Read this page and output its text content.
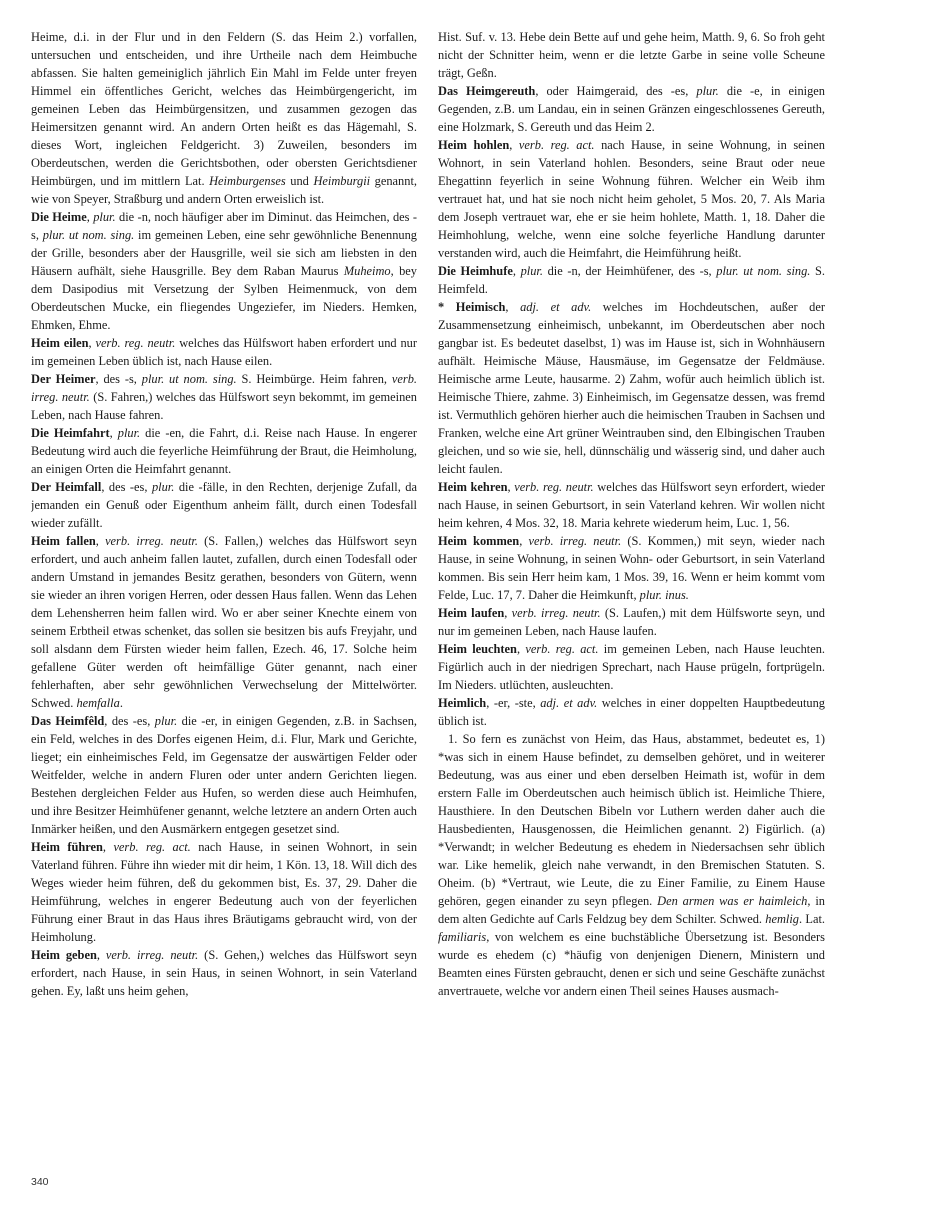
Heime, d.i. in der Flur und in den Feldern (S. das Heim 2.) vorfallen, untersuchen und entscheiden, und ihre Urtheile nach dem Heimbuche abfassen. Sie halten gemeiniglich jährlich Ein Mahl im Felde unter freyen Himmel ein öffentliches Gericht, welches das Heimbürgengericht, im gemeinen Leben das Heimbürgensitzen, und zusammen gezogen das Heimersitzen genannt wird. An andern Orten heißt es das Hägemahl, S. dieses Wort, ingleichen Feldgericht. 3) Zuweilen, besonders im Oberdeutschen, werden die Gerichtsbothen, oder obersten Gerichtsdiener Heimbürgen, und im mittlern Lat. Heimburgenses und Heimburgii genannt, wie von Speyer, Straßburg und andern Orten erweislich ist.

Die Heime, plur. die -n, noch häufiger aber im Diminut. das Heimchen, des -s, plur. ut nom. sing. im gemeinen Leben, eine sehr gewöhnliche Benennung der Grille, besonders aber der Hausgrille, weil sie sich am liebsten in den Häusern aufhält, siehe Hausgrille. Bey dem Raban Maurus Muheimo, bey dem Dasipodius mit Versetzung der Sylben Heimenmuck, von dem Oberdeutschen Mucke, ein fliegendes Ungeziefer, im Nieders. Hemken, Ehmken, Ehme.

Heim eilen, verb. reg. neutr. welches das Hülfswort haben erfordert und nur im gemeinen Leben üblich ist, nach Hause eilen.

Der Heimer, des -s, plur. ut nom. sing. S. Heimbürge. Heim fahren, verb. irreg. neutr. (S. Fahren,) welches das Hülfswort seyn bekommt, im gemeinen Leben, nach Hause fahren.

Die Heimfahrt, plur. die -en, die Fahrt, d.i. Reise nach Hause. In engerer Bedeutung wird auch die feyerliche Heimführung der Braut, die Heimholung, an einigen Orten die Heimfahrt genannt.

Der Heimfall, des -es, plur. die -fälle, in den Rechten, derjenige Zufall, da jemanden ein Genuß oder Eigenthum anheim fällt, durch einen Todesfall wieder zufällt.

Heim fallen, verb. irreg. neutr. (S. Fallen,) welches das Hülfswort seyn erfordert, und auch anheim fallen lautet, zufallen, durch einen Todesfall oder andern Umstand in jemandes Besitz gerathen, besonders von Gütern, wenn sie wieder an ihren vorigen Herren, oder dessen Haus fallen. Wenn das Lehen dem Lehensherren heim fallen wird. Wo er aber seiner Knechte einem von seinem Erbtheil etwas schenket, das sollen sie besitzen bis aufs Freyjahr, und soll alsdann dem Fürsten wieder heim fallen, Ezech. 46, 17. Solche heim gefallene Güter werden oft heimfällige Güter genannt, nach einer fehlerhaften, aber sehr gewöhnlichen Verwechselung der Mittelwörter. Schwed. hemfalla.

Das Heimfêld, des -es, plur. die -er, in einigen Gegenden, z.B. in Sachsen, ein Feld, welches in des Dorfes eigenen Heim, d.i. Flur, Mark und Gerichte, lieget; ein einheimisches Feld, im Gegensatze der auswärtigen Felder oder Weitfelder, welche in andern Fluren oder unter andern Gerichten liegen. Bestehen dergleichen Felder aus Hufen, so werden diese auch Heimhufen, und ihre Besitzer Heimhüfener genannt, welche letztere an andern Orten auch Inmärker heißen, und den Ausmärkern entgegen gesetzet sind.

Heim führen, verb. reg. act. nach Hause, in seinen Wohnort, in sein Vaterland führen. Führe ihn wieder mit dir heim, 1 Kön. 13, 18. Will dich des Weges wieder heim führen, deß du gekommen bist, Es. 37, 29. Daher die Heimführung, welches in engerer Bedeutung auch von der feyerlichen Führung einer Braut in das Haus ihres Bräutigams gebraucht wird, von der Heimholung.

Heim geben, verb. irreg. neutr. (S. Gehen,) welches das Hülfswort seyn erfordert, nach Hause, in sein Haus, in seinen Wohnort, in sein Vaterland gehen. Ey, laßt uns heim gehen,

Hist. Suf. v. 13. Hebe dein Bette auf und gehe heim, Matth. 9, 6. So froh geht nicht der Schnitter heim, wenn er die letzte Garbe in seine volle Scheune trägt, Geßn.

Das Heimgereuth, oder Haimgeraid, des -es, plur. die -e, in einigen Gegenden, z.B. um Landau, ein in seinen Gränzen eingeschlossenes Gereuth, eine Holzmark, S. Gereuth und das Heim 2.

Heim hohlen, verb. reg. act. nach Hause, in seine Wohnung, in seinen Wohnort, in sein Vaterland hohlen. Besonders, seine Braut oder neue Ehegattinn feyerlich in seine Wohnung führen. Welcher ein Weib ihm vertrauet hat, und hat sie noch nicht heim geholet, 5 Mos. 20, 7. Als Maria dem Joseph vertrauet war, ehe er sie heim hohlete, Matth. 1, 18. Daher die Heimhohlung, welche, wenn eine solche feyerliche Handlung darunter verstanden wird, auch die Heimfahrt, die Heimführung heißt.

Die Heimhufe, plur. die -n, der Heimhüfener, des -s, plur. ut nom. sing. S. Heimfeld.

* Heimisch, adj. et adv. welches im Hochdeutschen, außer der Zusammensetzung einheimisch, unbekannt, im Oberdeutschen aber noch gangbar ist. Es bedeutet daselbst, 1) was im Hause ist, sich in Wohnhäusern aufhält. Heimische Mäuse, Hausmäuse, im Gegensatze der Feldmäuse. Heimische arme Leute, hausarme. 2) Zahm, wofür auch heimlich üblich ist. Heimische Thiere, zahme. 3) Einheimisch, im Gegensatze dessen, was fremd ist. Vermuthlich gehören hierher auch die heimischen Trauben in Sachsen und Franken, welche eine Art grüner Weintrauben sind, den Elbingischen Trauben gleichen, und so wie sie, hell, dünnschälig und wässerig sind, und daher auch leicht faulen.

Heim kehren, verb. reg. neutr. welches das Hülfswort seyn erfordert, wieder nach Hause, in seinen Geburtsort, in sein Vaterland kehren. Wir wollen nicht heim kehren, 4 Mos. 32, 18. Maria kehrete wiederum heim, Luc. 1, 56.

Heim kommen, verb. irreg. neutr. (S. Kommen,) mit seyn, wieder nach Hause, in seine Wohnung, in seinen Wohn- oder Geburtsort, in sein Vaterland kommen. Bis sein Herr heim kam, 1 Mos. 39, 16. Wenn er heim kommt vom Felde, Luc. 17, 7. Daher die Heimkunft, plur. inus.

Heim laufen, verb. irreg. neutr. (S. Laufen,) mit dem Hülfsworte seyn, und nur im gemeinen Leben, nach Hause laufen.

Heim leuchten, verb. reg. act. im gemeinen Leben, nach Hause leuchten. Figürlich auch in der niedrigen Sprechart, nach Hause prügeln, fortprügeln. Im Nieders. utlüchten, ausleuchten.

Heimlich, -er, -ste, adj. et adv. welches in einer doppelten Hauptbedeutung üblich ist.

1. So fern es zunächst von Heim, das Haus, abstammet, bedeutet es, 1) *was sich in einem Hause befindet, zu demselben gehöret, und in weiterer Bedeutung, was aus einer und eben derselben Heimath ist, wofür in dem erstern Falle im Oberdeutschen auch heimisch üblich ist. Heimliche Thiere, Hausthiere. In den Deutschen Bibeln vor Luthern werden daher auch die Hausbedienten, Hausgenossen, die Heimlichen genannt. 2) Figürlich. (a) *Verwandt; in welcher Bedeutung es ehedem in Niedersachsen sehr üblich war. Like hemelik, gleich nahe verwandt, in den Bremischen Statuten. S. Oheim. (b) *Vertraut, wie Leute, die zu Einer Familie, zu Einem Hause gehören, gegen einander zu seyn pflegen. Den armen was er haimleich, in dem alten Gedichte auf Carls Feldzug bey dem Schilter. Schwed. hemlig. Lat. familiaris, von welchem es eine buchstäbliche Übersetzung ist. Besonders wurde es ehedem (c) *häufig von denjenigen Dienern, Ministern und Beamten eines Fürsten gebraucht, denen er sich und seine Geschäfte zunächst anvertrauete, welche vor andern einen Theil seines Hauses ausmach-

340
